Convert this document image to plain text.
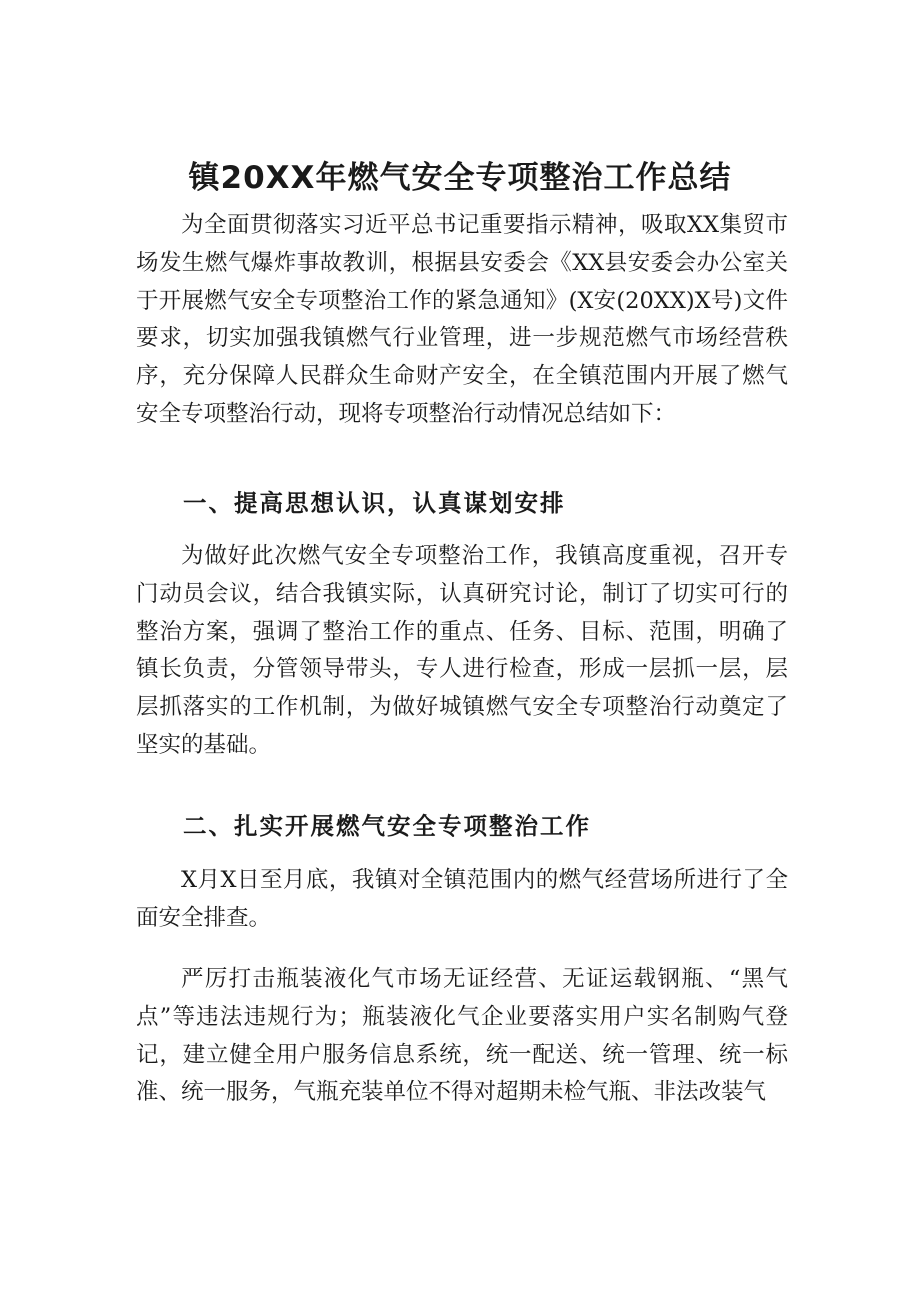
镇20XX年燃气安全专项整治工作总结

为全面贯彻落实习近平总书记重要指示精神，吸取XX集贸市场发生燃气爆炸事故教训，根据县安委会《XX县安委会办公室关于开展燃气安全专项整治工作的紧急通知》(X安(20XX)X号)文件要求，切实加强我镇燃气行业管理，进一步规范燃气市场经营秩序，充分保障人民群众生命财产安全，在全镇范围内开展了燃气安全专项整治行动，现将专项整治行动情况总结如下：

一、提高思想认识，认真谋划安排

为做好此次燃气安全专项整治工作，我镇高度重视，召开专门动员会议，结合我镇实际，认真研究讨论，制订了切实可行的整治方案，强调了整治工作的重点、任务、目标、范围，明确了镇长负责，分管领导带头，专人进行检查，形成一层抓一层，层层抓落实的工作机制，为做好城镇燃气安全专项整治行动奠定了坚实的基础。

二、扎实开展燃气安全专项整治工作

X月X日至月底，我镇对全镇范围内的燃气经营场所进行了全面安全排查。

严厉打击瓶装液化气市场无证经营、无证运载钢瓶、“黑气点”等违法违规行为；瓶装液化气企业要落实用户实名制购气登记，建立健全用户服务信息系统，统一配送、统一管理、统一标准、统一服务，气瓶充装单位不得对超期未检气瓶、非法改装气
